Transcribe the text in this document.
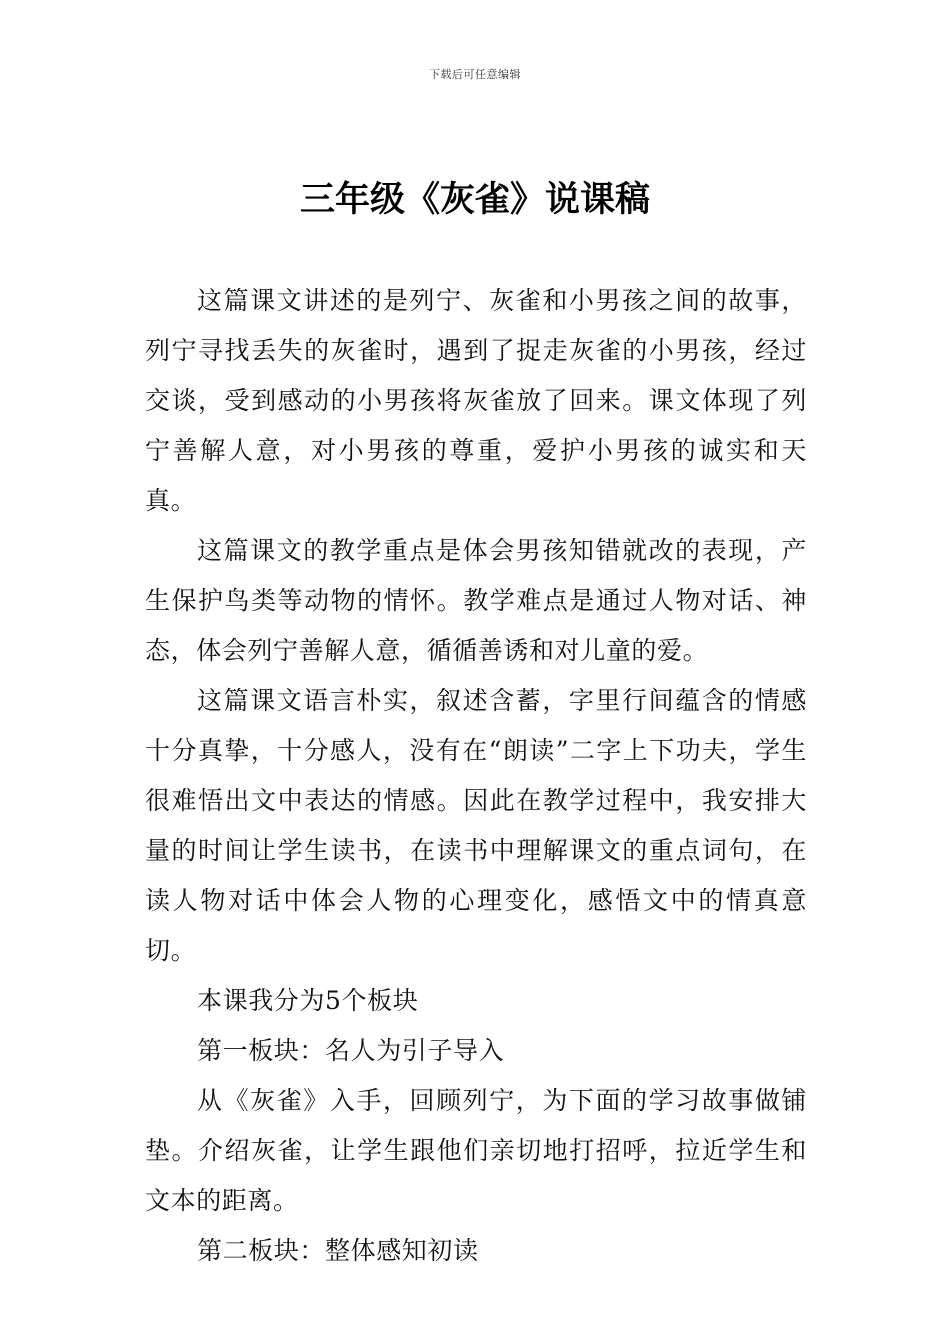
下载后可任意编辑
三年级《灰雀》说课稿

这篇课文讲述的是列宁、灰雀和小男孩之间的故事，列宁寻找丢失的灰雀时，遇到了捉走灰雀的小男孩，经过交谈，受到感动的小男孩将灰雀放了回来。课文体现了列宁善解人意，对小男孩的尊重，爱护小男孩的诚实和天真。

这篇课文的教学重点是体会男孩知错就改的表现，产生保护鸟类等动物的情怀。教学难点是通过人物对话、神态，体会列宁善解人意，循循善诱和对儿童的爱。

这篇课文语言朴实，叙述含蓄，字里行间蕴含的情感十分真挚，十分感人，没有在“朗读”二字上下功夫，学生很难悟出文中表达的情感。因此在教学过程中，我安排大量的时间让学生读书，在读书中理解课文的重点词句，在读人物对话中体会人物的心理变化，感悟文中的情真意切。

本课我分为5个板块

第一板块：名人为引子导入

从《灰雀》入手，回顾列宁，为下面的学习故事做铺垫。介绍灰雀，让学生跟他们亲切地打招呼，拉近学生和文本的距离。

第二板块：整体感知初读
